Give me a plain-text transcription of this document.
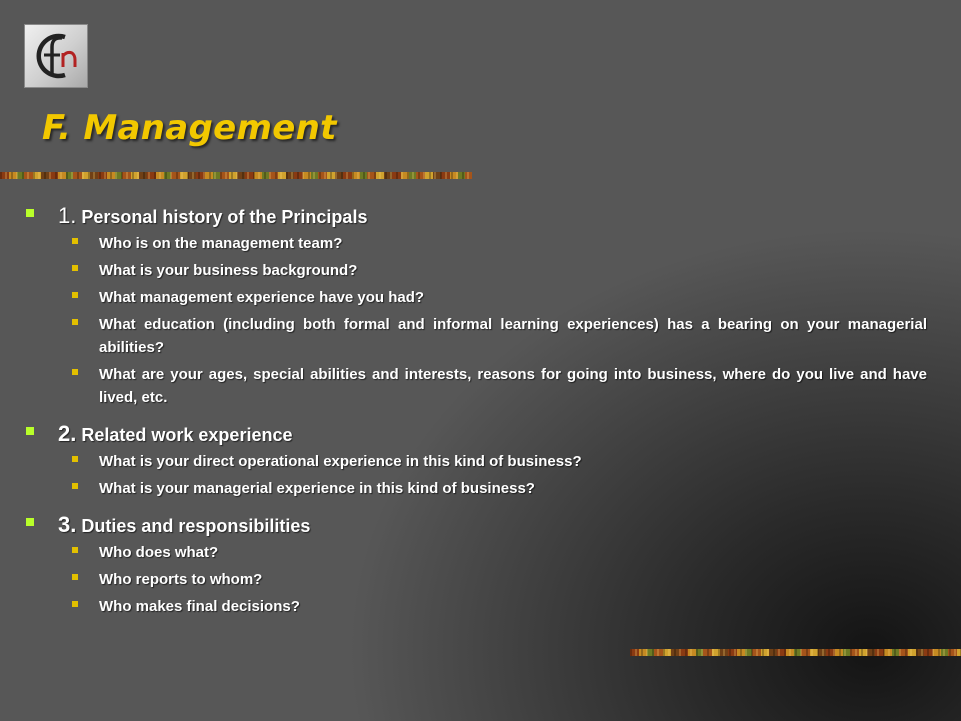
F. Management
1. Personal history of the Principals
Who is on the management team?
What is your business background?
What management experience have you had?
What education (including both formal and informal learning experiences) has a bearing on your managerial abilities?
What are your ages, special abilities and interests, reasons for going into business, where do you live and have lived, etc.
2. Related work experience
What is your direct operational experience in this kind of business?
What is your managerial experience in this kind of business?
3. Duties and responsibilities
Who does what?
Who reports to whom?
Who makes final decisions?
